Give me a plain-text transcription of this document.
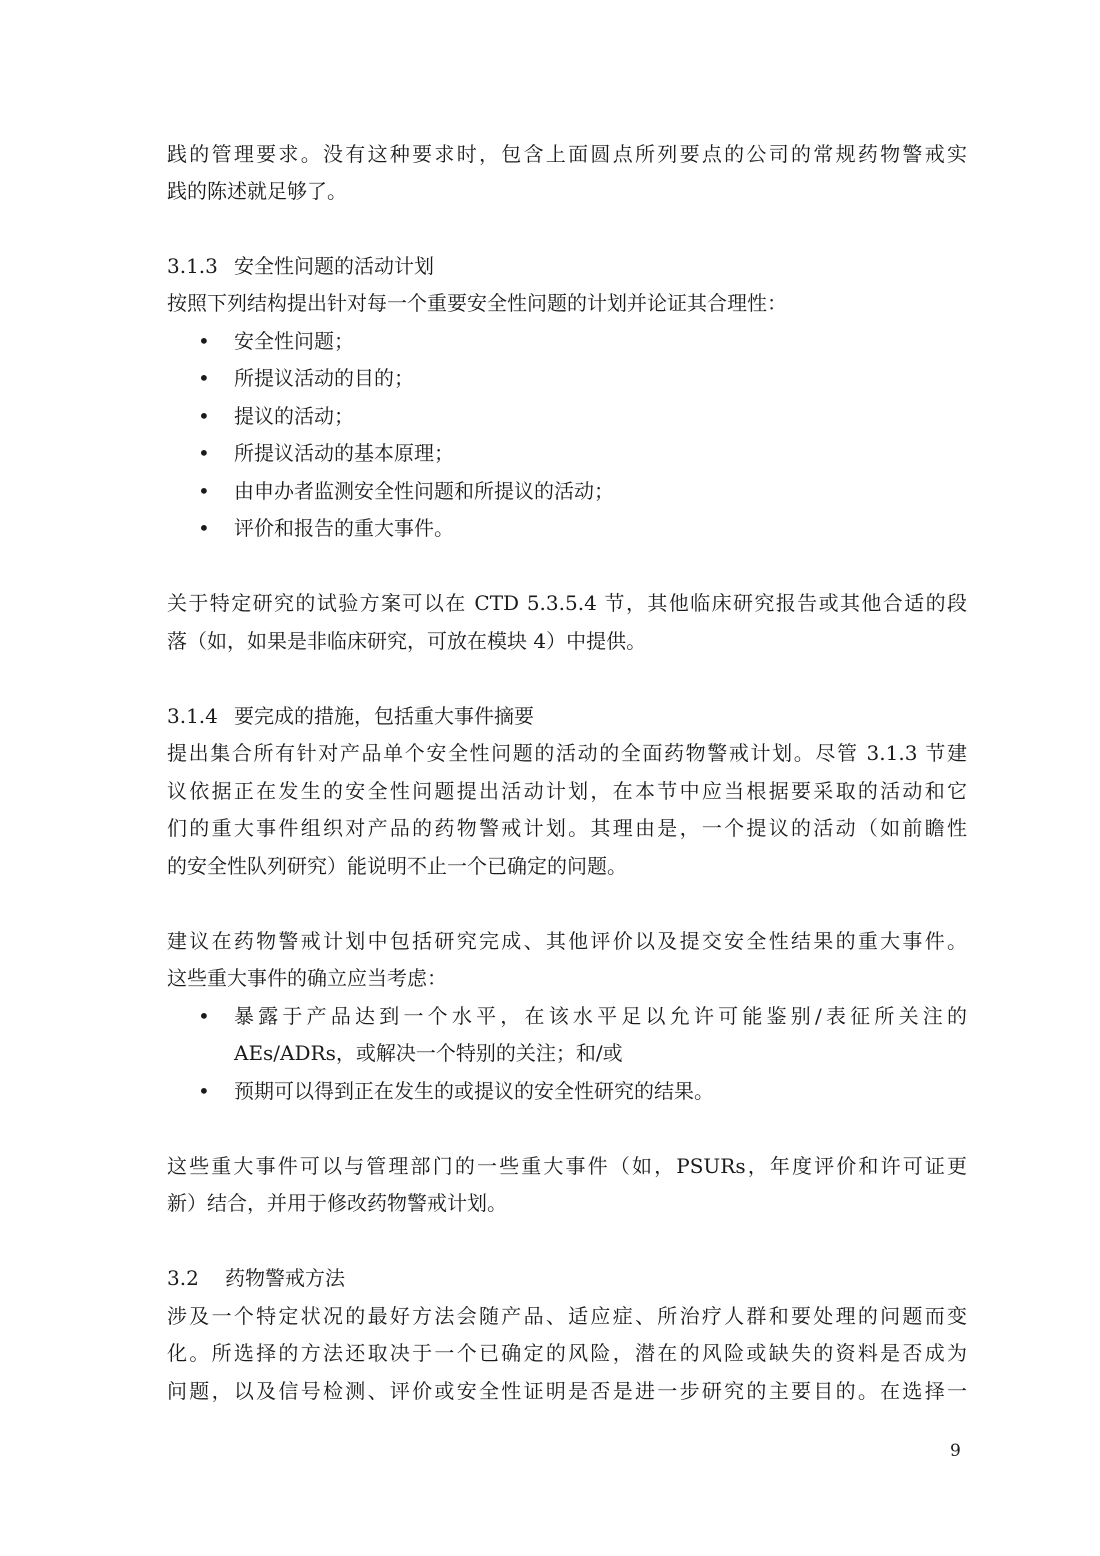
践的管理要求。没有这种要求时，包含上面圆点所列要点的公司的常规药物警戒实
践的陈述就足够了。
3.1.3 安全性问题的活动计划
按照下列结构提出针对每一个重要安全性问题的计划并论证其合理性：
•	安全性问题；
•	所提议活动的目的；
•	提议的活动；
•	所提议活动的基本原理；
•	由申办者监测安全性问题和所提议的活动；
•	评价和报告的重大事件。
关于特定研究的试验方案可以在 CTD 5.3.5.4 节，其他临床研究报告或其他合适的段
落（如，如果是非临床研究，可放在模块 4）中提供。
3.1.4 要完成的措施，包括重大事件摘要
提出集合所有针对产品单个安全性问题的活动的全面药物警戒计划。尽管 3.1.3 节建
议依据正在发生的安全性问题提出活动计划，在本节中应当根据要采取的活动和它
们的重大事件组织对产品的药物警戒计划。其理由是，一个提议的活动（如前瞻性
的安全性队列研究）能说明不止一个已确定的问题。
建议在药物警戒计划中包括研究完成、其他评价以及提交安全性结果的重大事件。
这些重大事件的确立应当考虑：
•	暴露于产品达到一个水平，在该水平足以允许可能鉴别/表征所关注的
AEs/ADRs，或解决一个特别的关注；和/或
•	预期可以得到正在发生的或提议的安全性研究的结果。
这些重大事件可以与管理部门的一些重大事件（如，PSURs，年度评价和许可证更
新）结合，并用于修改药物警戒计划。
3.2 药物警戒方法
涉及一个特定状况的最好方法会随产品、适应症、所治疗人群和要处理的问题而变
化。所选择的方法还取决于一个已确定的风险，潜在的风险或缺失的资料是否成为
问题，以及信号检测、评价或安全性证明是否是进一步研究的主要目的。在选择一
9
